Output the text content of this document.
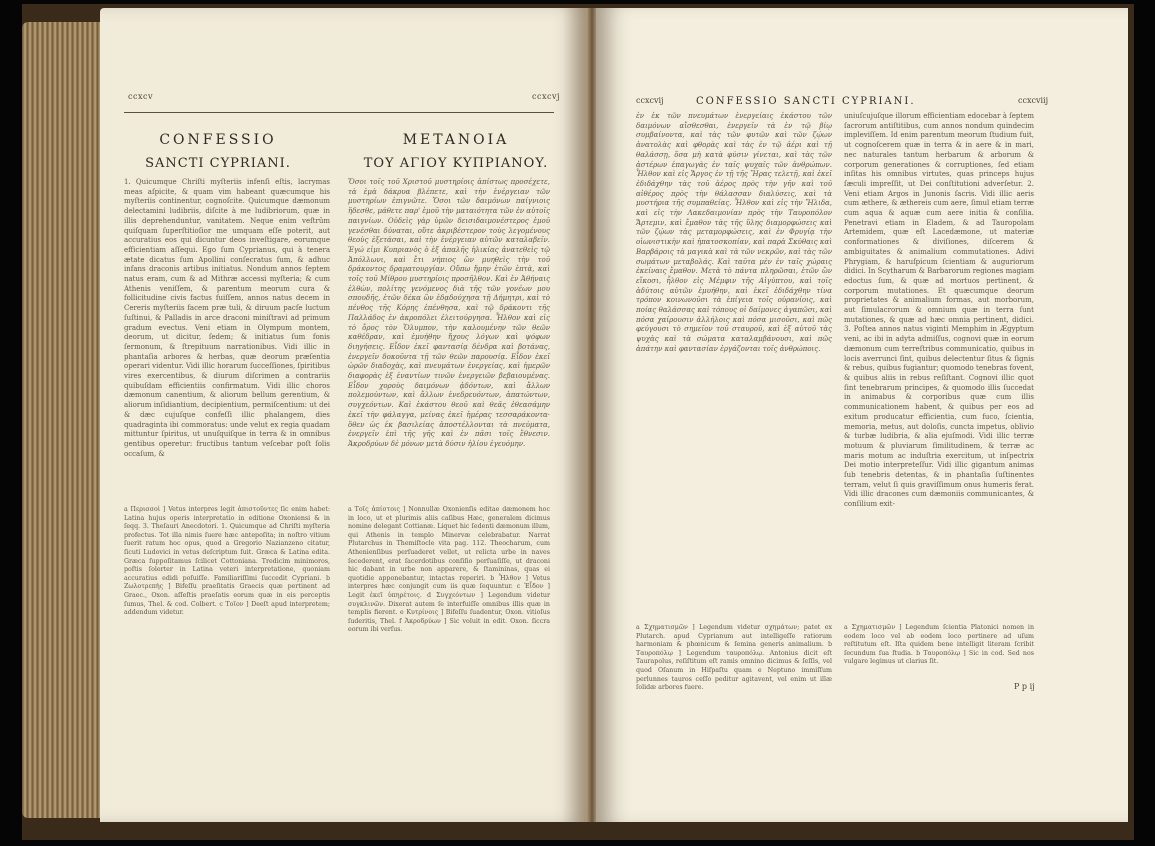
ccxcv	ccxcvj
CONFESSIO
SANCTI CYPRIANI.
METANOIA
TOY AΓIOY KYΠPIANOY.
1. Quicumque Chriſti myſteriis infenſi eſtis, lacrymas meas aſpicite, & quam vim habeant quæcumque his myſteriis continentur, cognoſcite. Quicumque dæmonum delectamini ludibriis, diſcite à me ludibriorum, quæ in illis deprehenduntur, vanitatem. Neque enim veſtrûm quiſquam ſuperſtitioſior me umquam eſſe poterit, aut accuratius eos qui dicuntur deos inveſtigare, eorumque efficientiam aſſequi. Ego ſum Cyprianus, qui à tenera ætate dicatus ſum Apollini conſecratus ſum, & adhuc infans draconis artibus initiatus. Nondum annos ſeptem natus eram, cum & ad Mithræ accessi myſteria; & cum Athenis veniſſem, & parentum meorum cura & follicitudine civis factus fuiſſem, annos natus decem in Cereris myſteriis facem præ tuli, & diruum pacſe luctum ſuſtinui, & Palladis in arce draconi miniſtravi ad primum gradum evectus. Veni etiam in Olympum montem, deorum, ut dicitur, ſedem; & initiatus ſum fonis ſermonum, & ſtrepituum narrationibus. Vidi illic in phantaſia arbores & herbas, quæ deorum præſentia operari videntur. Vidi illic horarum ſucceſſiones, ſpiritibus vires exercentibus, & diurum diſcrimen a contrariis quibuſdam efficientiis confirmatum. Vidi illic choros dæmonum canentium, & aliorum bellum gerentium, & aliorum inſidiantium, decipientium, permiſcentium: ut dei & dæc cujuſque confeſſi illic phalangem, dies quadraginta ibi commoratus: unde velut ex regia quadam mittuntur ſpiritus, ut unuſquiſque in terra & in omnibus gentibus operetur: fructibus tantum veſcebar poſt ſolis occaſum, &
Ὅσοι τοῖς τοῦ Χριστοῦ μυστηρίοις ἀπίστως προσέχετε, τὰ ἐμὰ δάκρυα βλέπετε, καὶ τὴν ἐνέργειαν τῶν μυστηρίων ἐπιγνῶτε. Ὅσοι τῶν δαιμόνων παίγνιοις ἥδεσθε, μάθετε παρ' ἐμοῦ τὴν ματαιότητα τῶν ἐν αὐτοῖς παιγνίων. Οὐδεὶς γὰρ ὑμῶν δεισιδαιμονέστερος ἐμοῦ γενέσθαι δύναται, οὔτε ἀκριβέστερον τοὺς λεγομένους θεοὺς ἐξετάσαι, καὶ τὴν ἐνέργειαν αὐτῶν καταλαβεῖν. Ἐγώ εἰμι Κυπριανὸς ὁ ἐξ ἁπαλῆς ἡλικίας ἀνατεθεὶς τῷ Ἀπόλλωνι, καὶ ἔτι νήπιος ὢν μυηθεὶς τὴν τοῦ δράκοντος δραματουργίαν. Οὔπω ἤμην ἐτῶν ἑπτὰ, καὶ τοῖς τοῦ Μίθρου μυστηρίοις προσῆλθον. Καὶ ἐν Ἀθήναις ἐλθὼν, πολίτης γενόμενος διὰ τῆς τῶν γονέων μου σπουδῆς, ἐτῶν δέκα ὢν ἐδᾳδούχησα τῇ Δήμητρι, καὶ τὸ πένθος τῆς Κόρης ἐπένθησα, καὶ τῷ δράκοντι τῆς Παλλάδος ἐν ἀκροπόλει ἐλειτούργησα. Ἦλθον καὶ εἰς τὸ ὄρος τὸν Ὄλυμπον, τὴν καλουμένην τῶν θεῶν καθέδραν, καὶ ἐμυήθην ἤχους λόγων καὶ ψόφων διηγήσεις. Εἶδον ἐκεῖ φαντασίᾳ δένδρα καὶ βοτάνας, ἐνεργεῖν δοκοῦντα τῇ τῶν θεῶν παρουσίᾳ. Εἶδον ἐκεῖ ὡρῶν διαδοχὰς, καὶ πνευμάτων ἐνεργείας, καὶ ἡμερῶν διαφορὰς ἐξ ἐναντίων τινῶν ἐνεργειῶν βεβαιουμένας. Εἶδον χοροὺς δαιμόνων ᾀδόντων, καὶ ἄλλων πολεμούντων, καὶ ἄλλων ἐνεδρευόντων, ἀπατώντων, συγχεόντων. Καὶ ἑκάστου θεοῦ καὶ θεᾶς ἐθεασάμην ἐκεῖ τὴν φάλαγγα, μείνας ἐκεῖ ἡμέρας τεσσαράκοντα· ὅθεν ὡς ἐκ βασιλείας ἀποστέλλονται τὰ πνεύματα, ἐνεργεῖν ἐπὶ τῆς γῆς καὶ ἐν πᾶσι τοῖς ἔθνεσιν. Ἀκροδρύων δὲ μόνων μετὰ δύσιν ἡλίου ἐγευόμην.
a Περισσοὶ ] Vetus interpres legit ἀπιστοῦντες ſic enim habet: Latina hujus operis interpretatio in editione Oxoniensi & in ſeqq. 3. Theſauri Anecdotori. 1. Quicumque ad Chriſti myſteria profectus. Tot illa nimis ſuere hæc antepoſita; in noſtro vitium ſuerit ratum hoc opus, quod a Gregorio Nazianzeno citatur, ſicuti Ludovici in vetus deſcriptum ſuit. Græca & Latina edita. Græca ſuppoſitamus ſcilicet Cottoniana. Tredicim minimoros, poſtis ſolerter in Latina veteri interpretatione, quoniam accuratius edidi poſuiſſe. Familiariſſimi ſuccedit Cypriani. b Ζωλοτρεπὴς ] Bifeſſu praeſitatis Graecis quæ pertinent ad Graec., Oxon. aſſeſtis praeſatis eorum quæ in eis perceptis ſumus, Thel. & cod. Colbert. c Τοῖον ] Deeſt apud interpretem; addendum videtur.
a Τοῖς ἀπίστοις ] Nonnullæ Oxonienſis editae dæmonem hoc in loco, ut et plurimis aliis caſibus Hæc, generalem dicimus nomine delegant Cottianæ. Liquet hic ſedenti dæmonum illum, qui Athenis in templo Minervæ celebrabatur. Narrat Plutarchus in Themiſtocle vita pag. 112. Theocharum, cum Athenienſibus perſuaderet vellet, ut relicta urbe in naves ſecederent, erat ſacerdotibus conſiſio perſuaſiſſe, ut draconi hic dabant in urbe non apparere, & ſtamininas, quas ei quotidie apponebantur, intactas reperiri. b Ἦλθον ] Vetus interpres hæc conjungit cum iis quæ ſequuntur. c Ἐἶδον ] Legit ἐκεῖ ὑπηρέτοις. d Συγχεόντων ] Legendum videtur συγκλινῶν. Dixerat autem ſe interfuiſſe omnibus illis quæ in templis fierent. e Κυτρίνοις ] Bifeſſu ſuadentur, Oxon. vitioſus ſuderitis, Thel. f Ἀκροδρύων ] Sic voluit in edit. Oxon. ſiccra eorum ibi verſus.
ccxcvij	CONFESSIO SANCTI CYPRIANI.	ccxcviij
ἐν ἐκ τῶν πνευμάτων ἐνεργείαις ἐκάστου τῶν δαιμόνων αἴσθεσθαι, ἐνεργεῖν τὰ ἐν τῷ βίῳ συμβαίνοντα, καὶ τὰς τῶν φυτῶν καὶ τῶν ζῴων ἀνατολὰς καὶ φθορὰς καὶ τὰς ἐν τῷ ἀέρι καὶ τῇ θαλάσσῃ, ὅσα μὴ κατὰ φύσιν γίνεται, καὶ τὰς τῶν ἀστέρων ἐπαγωγὰς ἐν ταῖς ψυχαῖς τῶν ἀνθρώπων. Ἦλθον καὶ εἰς Ἄργος ἐν τῇ τῆς Ἥρας τελετῇ, καὶ ἐκεῖ ἐδιδάχθην τὰς τοῦ ἀέρος πρὸς τὴν γῆν καὶ τοῦ αἰθέρος πρὸς τὴν θάλασσαν διαλύσεις, καὶ τὰ μυστήρια τῆς συμπαθείας. Ἦλθον καὶ εἰς τὴν Ἤλιδα, καὶ εἰς τὴν Λακεδαιμονίαν πρὸς τὴν Ταυροπόλον Ἄρτεμιν, καὶ ἔμαθον τὰς τῆς ὕλης διαμορφώσεις καὶ τῶν ζῴων τὰς μεταμορφώσεις, καὶ ἐν Φρυγίᾳ τὴν οἰωνιστικὴν καὶ ἡπατοσκοπίαν, καὶ παρὰ Σκύθαις καὶ Βαρβάροις τὰ μαγικὰ καὶ τὰ τῶν νεκρῶν, καὶ τὰς τῶν σωμάτων μεταβολάς. Καὶ ταῦτα μὲν ἐν ταῖς χώραις ἐκείναις ἔμαθον. Μετὰ τὸ πάντα πληρῶσαι, ἐτῶν ὢν εἴκοσι, ἦλθον εἰς Μέμφιν τῆς Αἰγύπτου, καὶ τοῖς ἀδύτοις αὐτῶν ἐμυήθην, καὶ ἐκεῖ ἐδιδάχθην τίνα τρόπον κοινωνοῦσι τὰ ἐπίγεια τοῖς οὐρανίοις, καὶ ποίας θαλάσσας καὶ τόπους οἱ δαίμονες ἀγαπῶσι, καὶ πόσα χαίρουσιν ἀλλήλοις καὶ πόσα μισοῦσι, καὶ πῶς φεύγουσι τὸ σημεῖον τοῦ σταυροῦ, καὶ ἐξ αὐτοῦ τὰς ψυχὰς καὶ τὰ σώματα καταλαμβάνουσι, καὶ πῶς ἀπάτην καὶ φαντασίαν ἐργάζονται τοῖς ἀνθρώποις.
uniuſcujuſque illorum efficientiam edocebar à ſeptem ſacrorum antiſtitibus, cum annos nondum quindecim impleviſſem. Id enim parentum meorum ſtudium fuit, ut cognoſcerem quæ in terra & in aere & in mari, nec naturales tantum herbarum & arborum & corporum generationes & corruptiones, ſed etiam inſitas his omnibus virtutes, quas princeps hujus ſæculi impreſſit, ut Dei conſtitutioni adverſetur. 2. Veni etiam Argos in Junonis ſacris. Vidi illic aeris cum æthere, & æthereis cum aere, ſimul etiam terræ cum aqua & aquæ cum aere initia & conſilia. Penetravi etiam in Eladem, & ad Tauropolam Artemidem, quæ eſt Lacedæmone, ut materiæ conformationes & diviſiones, diſcerem & ambiguitates & animalium commutationes. Adivi Phrygiam, & haruſpicum ſcientiam & auguriorum didici. In Scytharum & Barbarorum regiones magiam edoctus ſum, & quæ ad mortuos pertinent, & corporum mutationes. Et quæcumque deorum proprietates & animalium formas, aut morborum, aut ſimulacrorum & omnium quæ in terra ſunt mutationes, & quæ ad hæc omnia pertinent, didici. 3. Poſtea annos natus viginti Memphim in Ægyptum veni, ac ibi in adyta admiſſus, cognovi quæ in eorum dæmonum cum terreſtribus communicatio, quibus in locis averrunci ſint, quibus delectentur ſitus & ſignis & rebus, quibus fugiantur; quomodo tenebras fovent, & quibus aliis in rebus reſiſtant. Cognovi illic quot ſint tenebrarum principes, & quomodo illis ſuccedat in animabus & corporibus quæ cum illis communicationem habent, & quibus per eos ad exitum producatur efficientia, cum fuco, ſcientia, memoria, metus, aut doloſis, cuncta impetus, oblivio & turbæ ludibria, & alia ejuſmodi. Vidi illic terræ motuum & pluviarum ſimilitudinem, & terræ ac maris motum ac induſtria exercitum, ut inſpectrix Dei motio interpreteſſur. Vidi illic gigantum animas ſub tenebris detentas, & in phantaſia ſuſtinentes terram, velut ſi quis graviſſimum onus humeris ferat. Vidi illic dracones cum dæmoniis communicantes, & conſilium exit-
a Σχηματισμῶν ] Legendum videtur σχημάτων; patet ex Plutarch. apud Cyprianum aut intelligeſſe ratiorum harmoniam & phœnicum & ſemina generis animalium. b Ταυροπόλῳ ] Legendum ταυροπόλῳ. Antonius dicit eſt Taurapolus, reſiſtitum eſt ramis omnino dicimus & ſeſſis, vel quod Oſanum in Hiſpaſtu quam e Neptuno immiſſum perlunnes tauros ceſſo peditur agitavent, vel enim ut illæ ſolidæ arbores fuere.
a Σχηματισμῶν ] Legendum ſcientia Platonici nomen in eodem loco vel ab eodem loco pertinere ad uſum reſtitutum eſt. Iſta quidem bene intelligit literam ſcribit ſecundum ſua ſtudia. b Ταυροπόλῳ ] Sic in cod. Sed nos vulgare legimus ut clarius ſit.
P p ij
